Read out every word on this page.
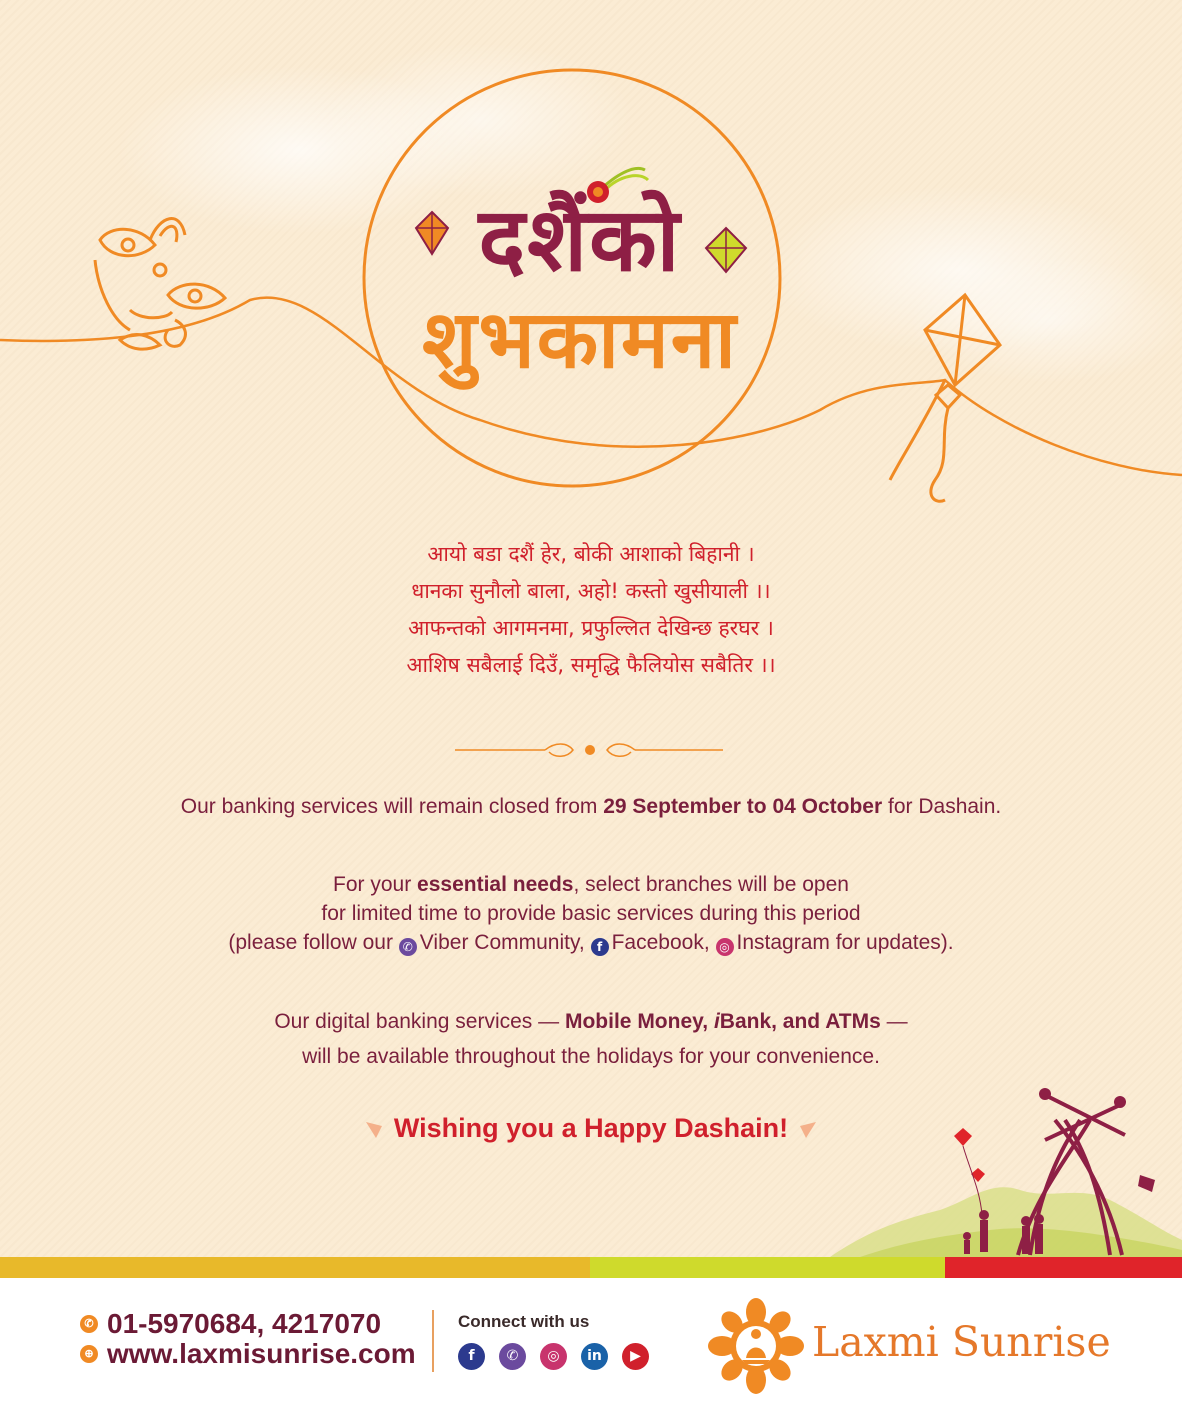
दशैंको
शुभकामना
आयो बडा दशैं हेर, बोकी आशाको बिहानी ।
धानका सुनौलो बाला, अहो! कस्तो खुसीयाली ।।
आफन्तको आगमनमा, प्रफुल्लित देखिन्छ हरघर ।
आशिष सबैलाई दिउँ, समृद्धि फैलियोस सबैतिर ।।
Our banking services will remain closed from 29 September to 04 October for Dashain.
For your essential needs, select branches will be open
for limited time to provide basic services during this period
(please follow our ✆ Viber Community, f Facebook, ◎ Instagram for updates).
Our digital banking services — Mobile Money, iBank, and ATMs —
will be available throughout the holidays for your convenience.
Wishing you a Happy Dashain!
✆ 01-5970684, 4217070
⊕ www.laxmisunrise.com
Connect with us
f	✆	◎	in	▶	Laxmi Sunrise
